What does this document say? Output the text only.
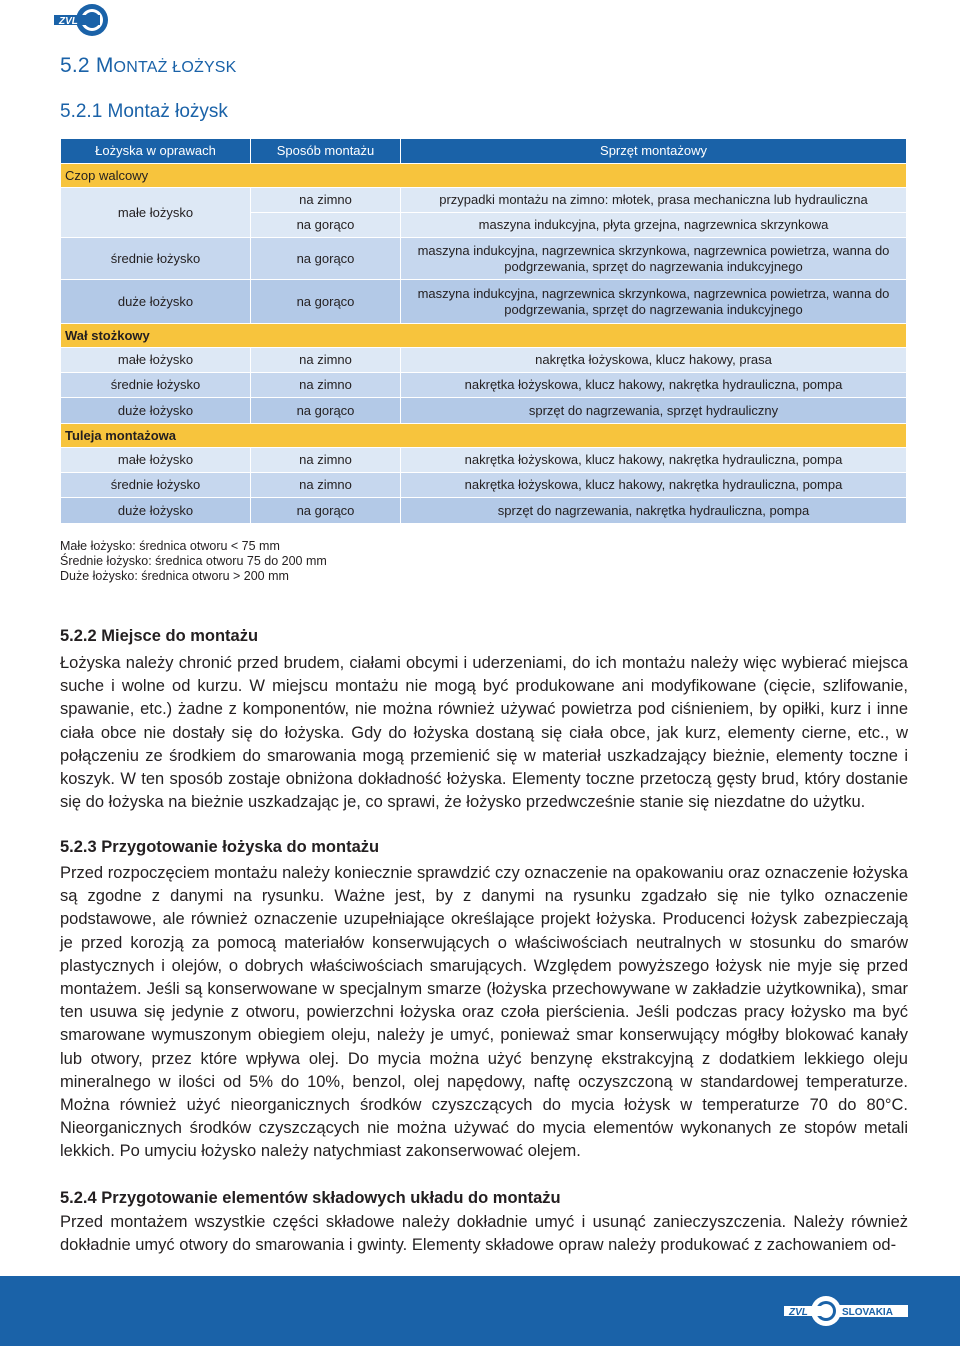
ZVL
5.2 MONTAŻ ŁOŻYSK
5.2.1 Montaż łożysk
Łożyska w oprawach	Sposób montażu	Sprzęt montażowy
Czop walcowy		
małe łożysko	na zimno	przypadki montażu na zimno: młotek, prasa mechaniczna lub hydrauliczna
	na gorąco	maszyna indukcyjna, płyta grzejna, nagrzewnica skrzynkowa
średnie łożysko	na gorąco	maszyna indukcyjna, nagrzewnica skrzynkowa, nagrzewnica powietrza, wanna do podgrzewania, sprzęt do nagrzewania indukcyjnego
duże łożysko	na gorąco	maszyna indukcyjna, nagrzewnica skrzynkowa, nagrzewnica powietrza, wanna do podgrzewania, sprzęt do nagrzewania indukcyjnego
Wał stożkowy		
małe łożysko	na zimno	nakrętka łożyskowa, klucz hakowy, prasa
średnie łożysko	na zimno	nakrętka łożyskowa, klucz hakowy, nakrętka hydrauliczna, pompa
duże łożysko	na gorąco	sprzęt do nagrzewania, sprzęt hydrauliczny
Tuleja montażowa		
małe łożysko	na zimno	nakrętka łożyskowa, klucz hakowy, nakrętka hydrauliczna, pompa
średnie łożysko	na zimno	nakrętka łożyskowa, klucz hakowy, nakrętka hydrauliczna, pompa
duże łożysko	na gorąco	sprzęt do nagrzewania, nakrętka hydrauliczna, pompa
Małe łożysko: średnica otworu < 75 mm
Średnie łożysko: średnica otworu 75 do 200 mm
Duże łożysko: średnica otworu > 200 mm
5.2.2 Miejsce do montażu
Łożyska należy chronić przed brudem, ciałami obcymi i uderzeniami, do ich montażu należy więc wybierać miejsca suche i wolne od kurzu. W miejscu montażu nie mogą być produkowane ani modyfikowane (cięcie, szlifowanie, spawanie, etc.) żadne z komponentów, nie można również używać powietrza pod ciśnieniem, by opiłki, kurz i inne ciała obce nie dostały się do łożyska. Gdy do łożyska dostaną się ciała obce, jak kurz, elementy cierne, etc., w połączeniu ze środkiem do smarowania mogą przemienić się w materiał uszkadzający bieżnie, elementy toczne i koszyk. W ten sposób zostaje obniżona dokładność łożyska. Elementy toczne przetoczą gęsty brud, który dostanie się do łożyska na bieżnie uszkadzając je, co sprawi, że łożysko przedwcześnie stanie się niezdatne do użytku.
5.2.3 Przygotowanie łożyska do montażu
Przed rozpoczęciem montażu należy koniecznie sprawdzić czy oznaczenie na opakowaniu oraz oznaczenie łożyska są zgodne z danymi na rysunku. Ważne jest, by z danymi na rysunku zgadzało się nie tylko oznaczenie podstawowe, ale również oznaczenie uzupełniające określające projekt łożyska. Producenci łożysk zabezpieczają je przed korozją za pomocą materiałów konserwujących o właściwościach neutralnych w stosunku do smarów plastycznych i olejów, o dobrych właściwościach smarujących. Względem powyższego łożysk nie myje się przed montażem. Jeśli są konserwowane w specjalnym smarze (łożyska przechowywane w zakładzie użytkownika), smar ten usuwa się jedynie z otworu, powierzchni łożyska oraz czoła pierścienia. Jeśli podczas pracy łożysko ma być smarowane wymuszonym obiegiem oleju, należy je umyć, ponieważ smar konserwujący mógłby blokować kanały lub otwory, przez które wpływa olej. Do mycia można użyć benzynę ekstrakcyjną z dodatkiem lekkiego oleju mineralnego w ilości od 5% do 10%, benzol, olej napędowy, naftę oczyszczoną w standardowej temperaturze. Można również użyć nieorganicznych środków czyszczących do mycia łożysk w temperaturze 70 do 80°C. Nieorganicznych środków czyszczących nie można używać do mycia elementów wykonanych ze stopów metali lekkich. Po umyciu łożysko należy natychmiast zakonserwować olejem.
5.2.4 Przygotowanie elementów składowych układu do montażu
Przed montażem wszystkie części składowe należy dokładnie umyć i usunąć zanieczyszczenia. Należy również dokładnie umyć otwory do smarowania i gwinty. Elementy składowe opraw należy produkować z zachowaniem od-
ZVL	SLOVAKIA
